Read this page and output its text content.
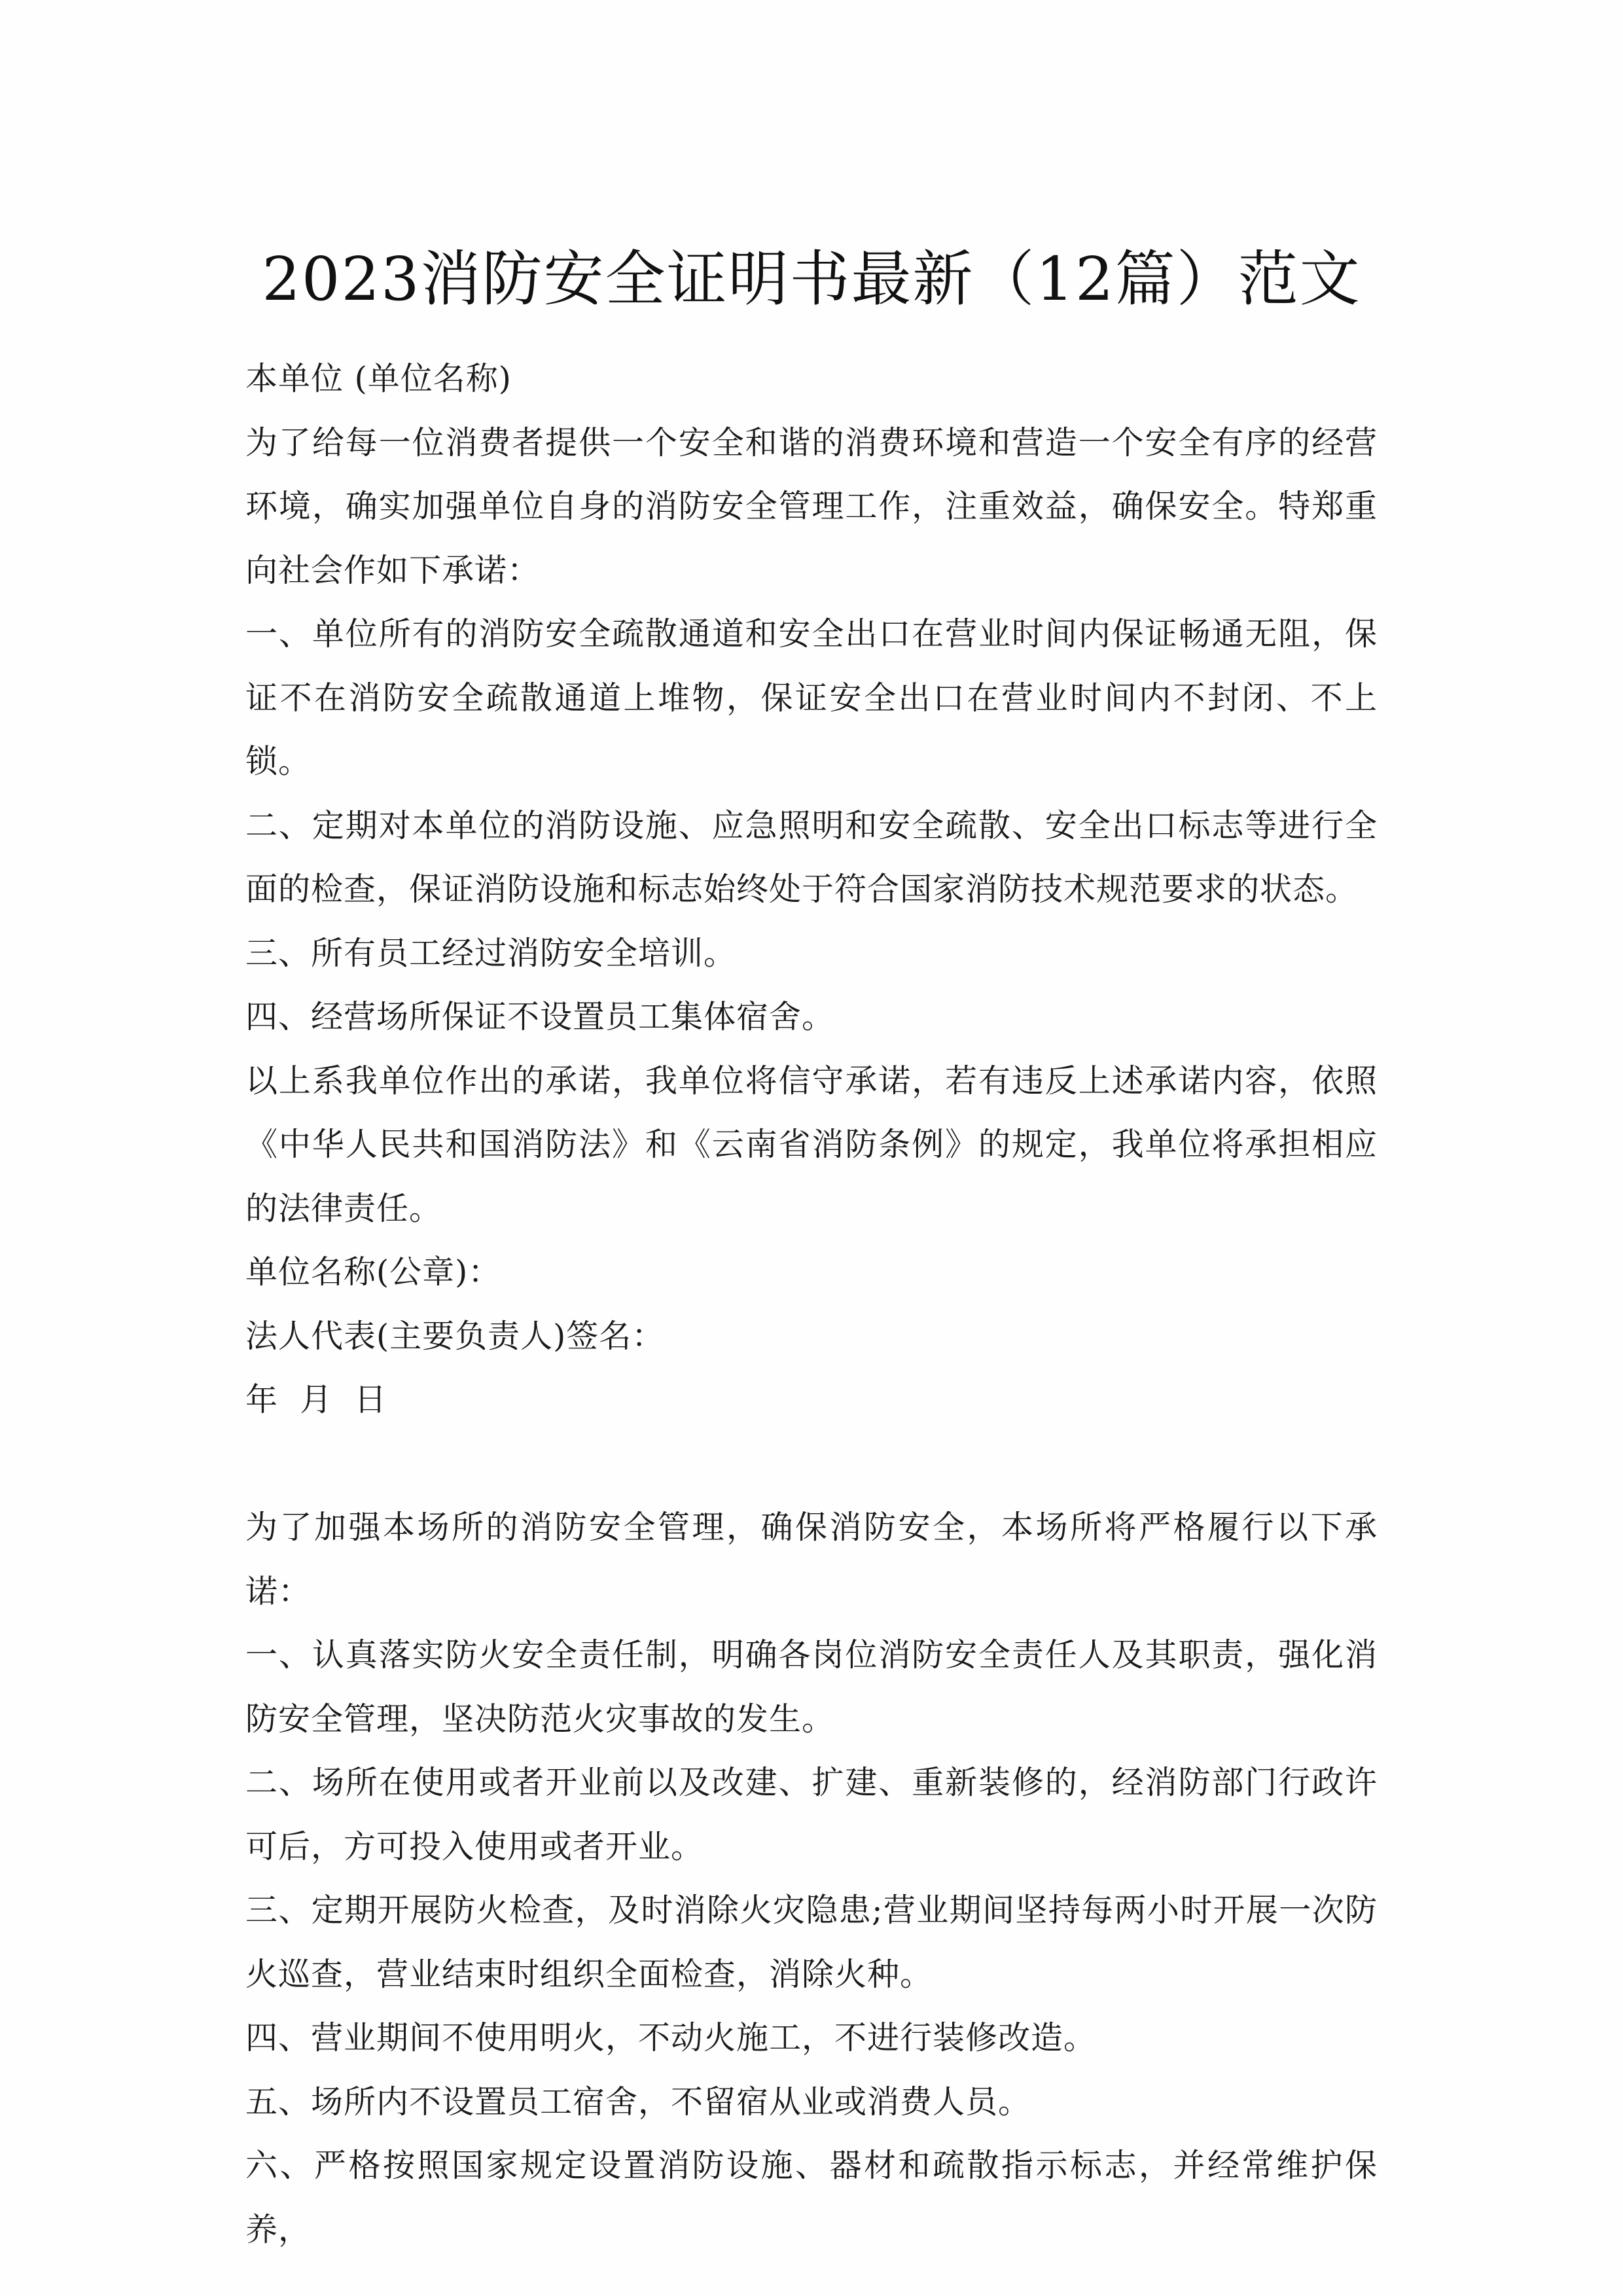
2023消防安全证明书最新（12篇）范文

本单位 (单位名称)

为了给每一位消费者提供一个安全和谐的消费环境和营造一个安全有序的经营环境，确实加强单位自身的消防安全管理工作，注重效益，确保安全。特郑重向社会作如下承诺：

一、单位所有的消防安全疏散通道和安全出口在营业时间内保证畅通无阻，保证不在消防安全疏散通道上堆物，保证安全出口在营业时间内不封闭、不上锁。

二、定期对本单位的消防设施、应急照明和安全疏散、安全出口标志等进行全面的检查，保证消防设施和标志始终处于符合国家消防技术规范要求的状态。

三、所有员工经过消防安全培训。

四、经营场所保证不设置员工集体宿舍。

以上系我单位作出的承诺，我单位将信守承诺，若有违反上述承诺内容，依照《中华人民共和国消防法》和《云南省消防条例》的规定，我单位将承担相应的法律责任。

单位名称(公章)：

法人代表(主要负责人)签名：

年  月  日

为了加强本场所的消防安全管理，确保消防安全，本场所将严格履行以下承诺：

一、认真落实防火安全责任制，明确各岗位消防安全责任人及其职责，强化消防安全管理，坚决防范火灾事故的发生。

二、场所在使用或者开业前以及改建、扩建、重新装修的，经消防部门行政许可后，方可投入使用或者开业。

三、定期开展防火检查，及时消除火灾隐患;营业期间坚持每两小时开展一次防火巡查，营业结束时组织全面检查，消除火种。

四、营业期间不使用明火，不动火施工，不进行装修改造。

五、场所内不设置员工宿舍，不留宿从业或消费人员。

六、严格按照国家规定设置消防设施、器材和疏散指示标志，并经常维护保养，
